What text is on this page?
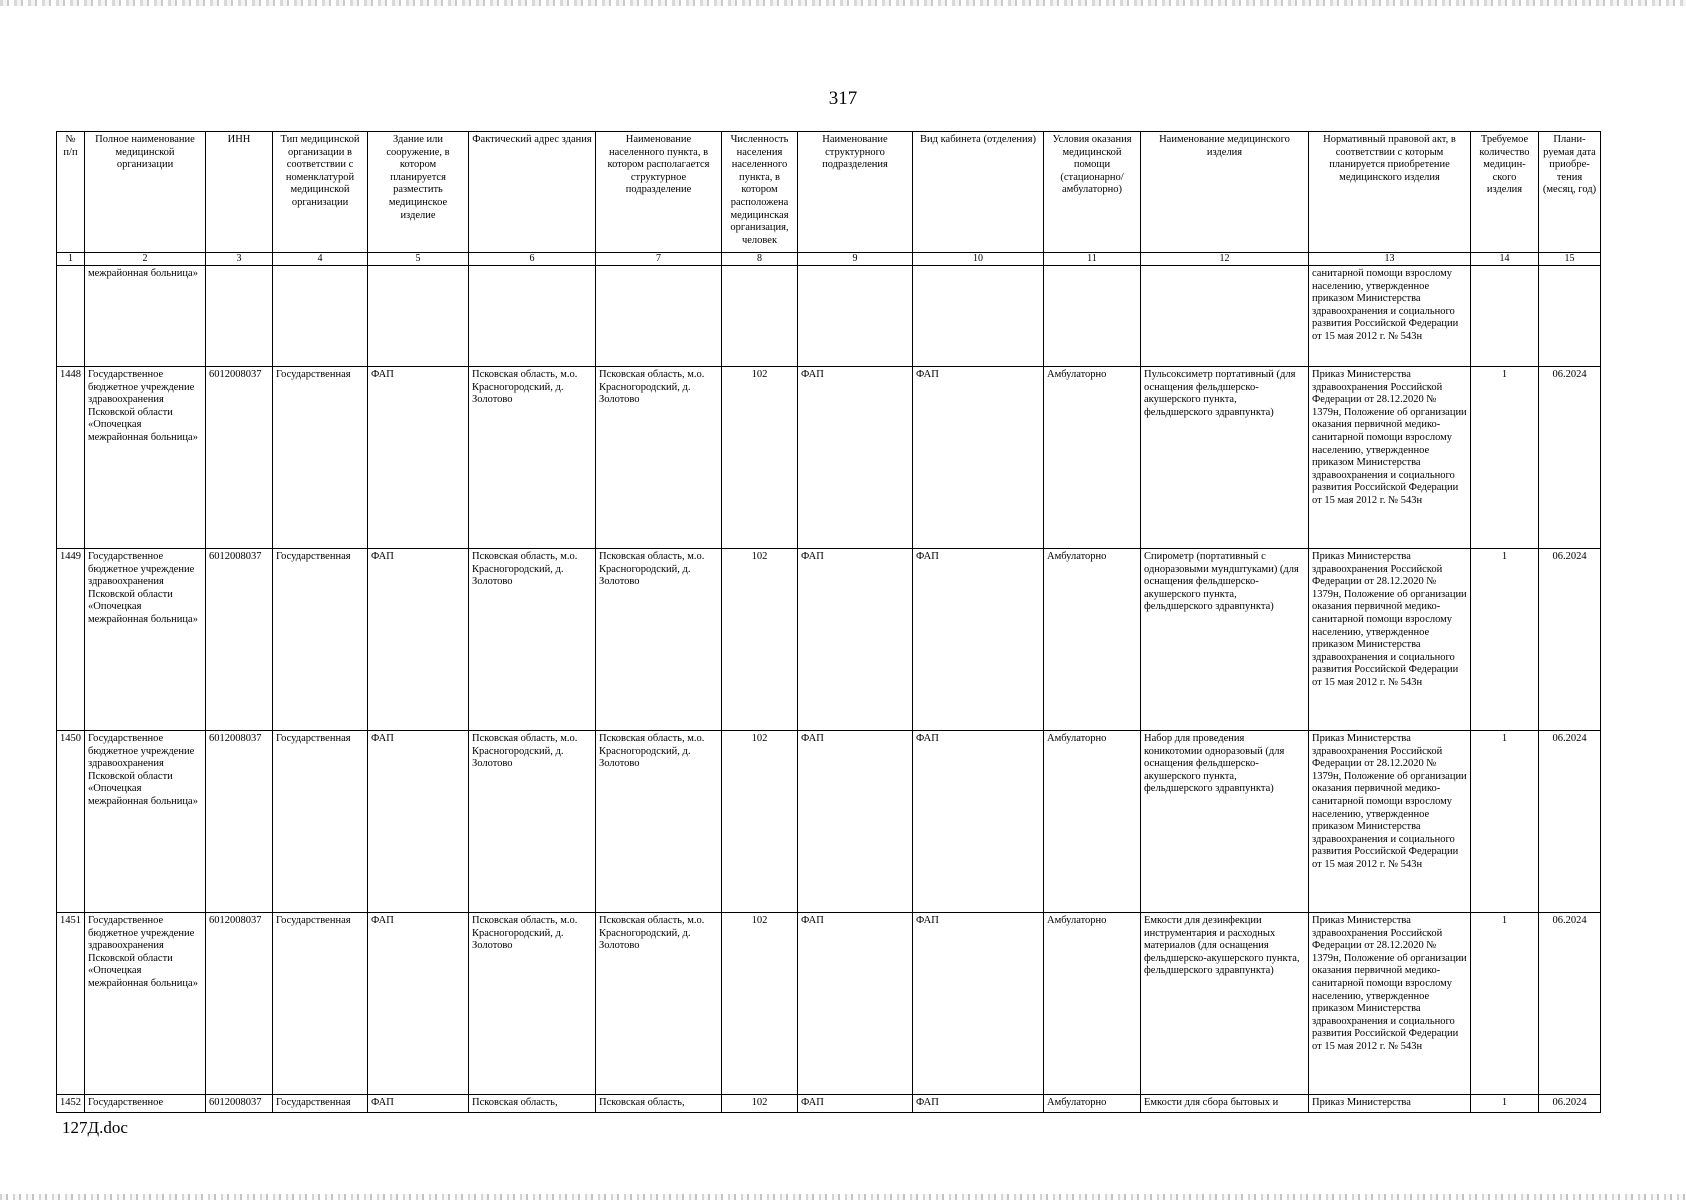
317
№ п/п	Полное наименование медицинской организации	ИНН	Тип медицинской организации в соответствии с номенклатурой медицинской организации	Здание или сооружение, в котором планируется разместить медицинское изделие	Фактический адрес здания	Наименование населенного пункта, в котором располагается структурное подразделение	Численность населения населенного пункта, в котором расположена медицинская организация, человек	Наименование структурного подразделения	Вид кабинета (отделения)	Условия оказания медицинской помощи (стационарно/ амбулаторно)	Наименование медицинского изделия	Нормативный правовой акт, в соответствии с которым планируется приобретение медицинского изделия	Требуемое количество медицин-ского изделия	Плани-руемая дата приобре-тения (месяц, год)
1	2	3	4	5	6	7	8	9	10	11	12	13	14	15
	межрайонная больница»											санитарной помощи взрослому населению, утвержденное приказом Министерства здравоохранения и социального развития Российской Федерации от 15 мая 2012 г. № 543н		
1448	Государственное бюджетное учреждение здравоохранения Псковской области «Опочецкая межрайонная больница»	6012008037	Государственная	ФАП	Псковская область, м.о. Красногородский, д. Золотово	Псковская область, м.о. Красногородский, д. Золотово	102	ФАП	ФАП	Амбулаторно	Пульсоксиметр портативный (для оснащения фельдшерско-акушерского пункта, фельдшерского здравпункта)	Приказ Министерства здравоохранения Российской Федерации от 28.12.2020 № 1379н, Положение об организации оказания первичной медико-санитарной помощи взрослому населению, утвержденное приказом Министерства здравоохранения и социального развития Российской Федерации от 15 мая 2012 г. № 543н	1	06.2024
1449	Государственное бюджетное учреждение здравоохранения Псковской области «Опочецкая межрайонная больница»	6012008037	Государственная	ФАП	Псковская область, м.о. Красногородский, д. Золотово	Псковская область, м.о. Красногородский, д. Золотово	102	ФАП	ФАП	Амбулаторно	Спирометр (портативный с одноразовыми мундштуками) (для оснащения фельдшерско-акушерского пункта, фельдшерского здравпункта)	Приказ Министерства здравоохранения Российской Федерации от 28.12.2020 № 1379н, Положение об организации оказания первичной медико-санитарной помощи взрослому населению, утвержденное приказом Министерства здравоохранения и социального развития Российской Федерации от 15 мая 2012 г. № 543н	1	06.2024
1450	Государственное бюджетное учреждение здравоохранения Псковской области «Опочецкая межрайонная больница»	6012008037	Государственная	ФАП	Псковская область, м.о. Красногородский, д. Золотово	Псковская область, м.о. Красногородский, д. Золотово	102	ФАП	ФАП	Амбулаторно	Набор для проведения коникотомии одноразовый (для оснащения фельдшерско-акушерского пункта, фельдшерского здравпункта)	Приказ Министерства здравоохранения Российской Федерации от 28.12.2020 № 1379н, Положение об организации оказания первичной медико-санитарной помощи взрослому населению, утвержденное приказом Министерства здравоохранения и социального развития Российской Федерации от 15 мая 2012 г. № 543н	1	06.2024
1451	Государственное бюджетное учреждение здравоохранения Псковской области «Опочецкая межрайонная больница»	6012008037	Государственная	ФАП	Псковская область, м.о. Красногородский, д. Золотово	Псковская область, м.о. Красногородский, д. Золотово	102	ФАП	ФАП	Амбулаторно	Емкости для дезинфекции инструментария и расходных материалов (для оснащения фельдшерско-акушерского пункта, фельдшерского здравпункта)	Приказ Министерства здравоохранения Российской Федерации от 28.12.2020 № 1379н, Положение об организации оказания первичной медико-санитарной помощи взрослому населению, утвержденное приказом Министерства здравоохранения и социального развития Российской Федерации от 15 мая 2012 г. № 543н	1	06.2024
1452	Государственное	6012008037	Государственная	ФАП	Псковская область,	Псковская область,	102	ФАП	ФАП	Амбулаторно	Емкости для сбора бытовых и	Приказ Министерства	1	06.2024
127Д.doc
